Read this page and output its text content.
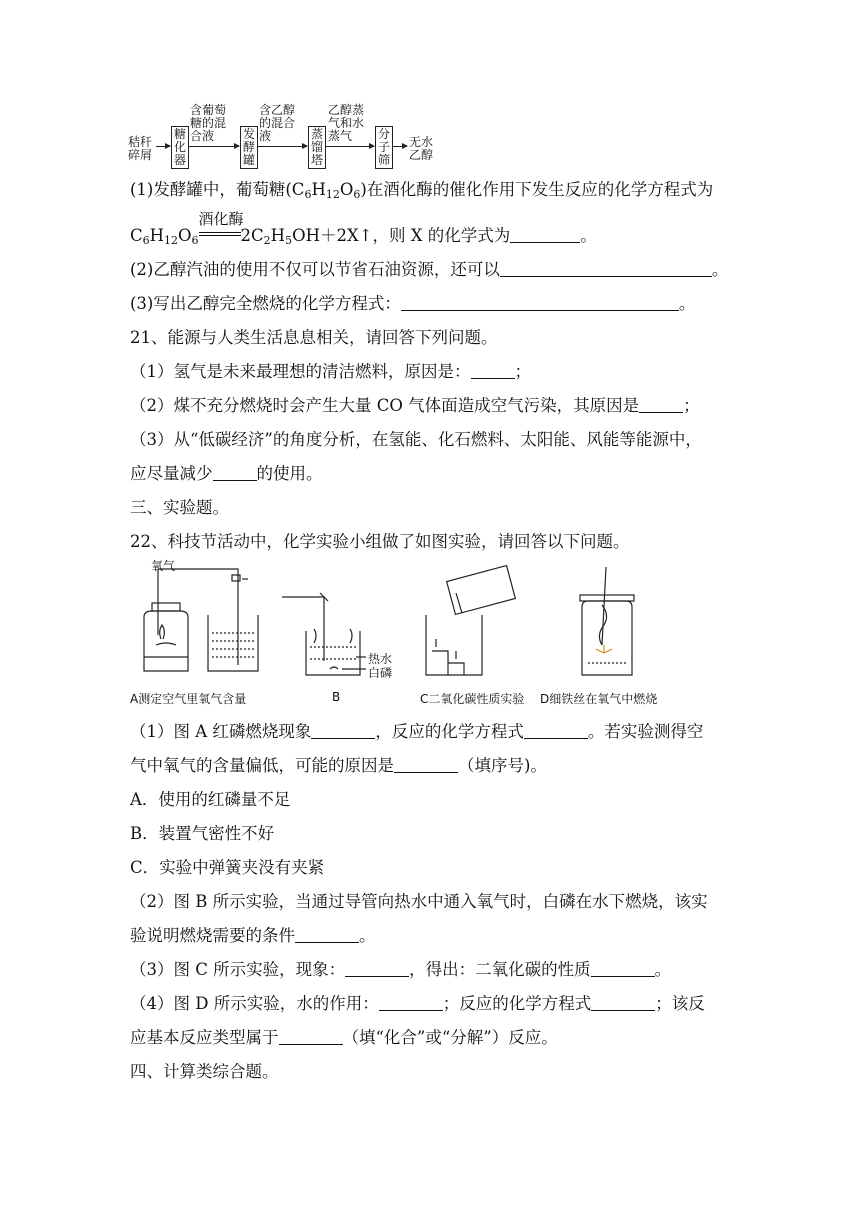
秸秆碎屑
糖化器
含葡萄糖的混合液	发酵罐
含乙醇的混合液	蒸馏塔
乙醇蒸气和水蒸气	分子筛
无水乙醇
(1)发酵罐中，葡萄糖$(C_6H_{12}O_6)$在酒化酶的催化作用下发生反应的化学方程式为
$C_6H_{12}O_6$
酒化酶
$2C_2H_5OH+2X↑$，则 X 的化学式为	。
(2)乙醇汽油的使用不仅可以节省石油资源，还可以	。
(3)写出乙醇完全燃烧的化学方程式：	。
21、能源与人类生活息息相关，请回答下列问题。
（1）氢气是未来最理想的清洁燃料，原因是：	；
（2）煤不充分燃烧时会产生大量 CO 气体面造成空气污染，其原因是	；
（3）从“低碳经济”的角度分析，在氢能、化石燃料、太阳能、风能等能源中，
应尽量减少	的使用。
三、实验题。
22、科技节活动中，化学实验小组做了如图实验，请回答以下问题。
氧气
热水
白磷
A测定空气里氧气含量	B	C二氧化碳性质实验 D细铁丝在氧气中燃烧
（1）图 A 红磷燃烧现象	，反应的化学方程式	。若实验测得空
气中氧气的含量偏低，可能的原因是	（填序号)。
A．使用的红磷量不足
B．装置气密性不好
C．实验中弹簧夹没有夹紧
（2）图 B 所示实验，当通过导管向热水中通入氧气时，白磷在水下燃烧，该实
验说明燃烧需要的条件	。
（3）图 C 所示实验，现象：	，得出：二氧化碳的性质	。
（4）图 D 所示实验，水的作用：	；反应的化学方程式	；该反
应基本反应类型属于	（填“化合”或“分解”）反应。
四、计算类综合题。
